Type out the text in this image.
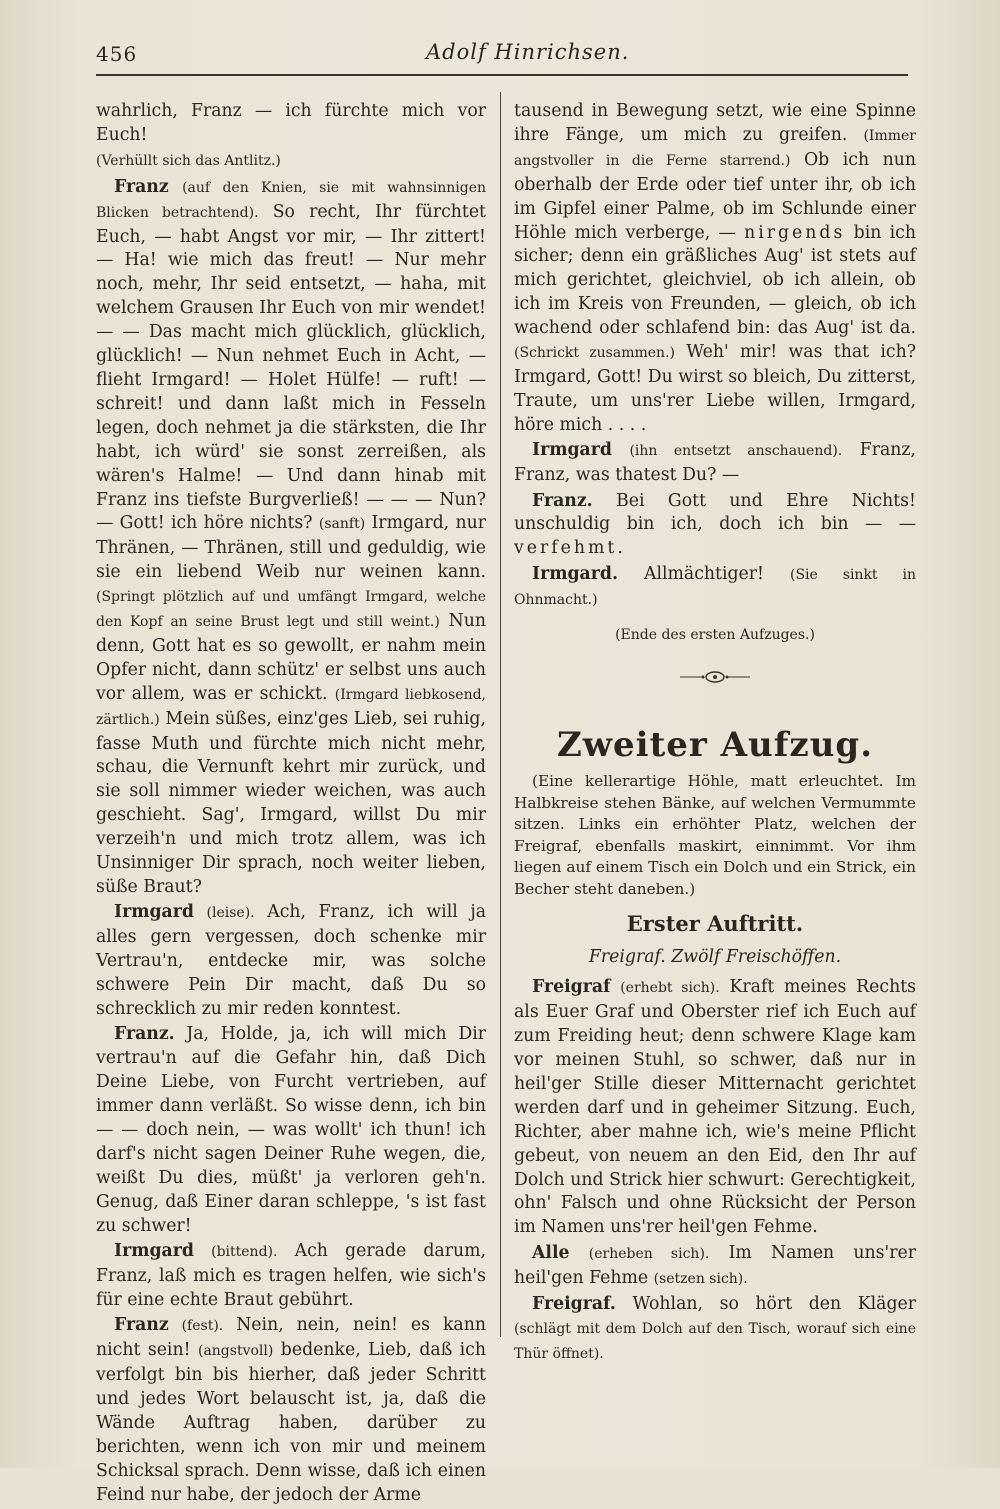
456	Adolf Hinrichsen.

wahrlich, Franz — ich fürchte mich vor Euch!

(Verhüllt sich das Antlitz.)

Franz (auf den Knien, sie mit wahnsinnigen Blicken betrachtend). So recht, Ihr fürchtet Euch, — habt Angst vor mir, — Ihr zittert! — Ha! wie mich das freut! — Nur mehr noch, mehr, Ihr seid entsetzt, — haha, mit welchem Grausen Ihr Euch von mir wendet! — — Das macht mich glücklich, glücklich, glücklich! — Nun nehmet Euch in Acht, — flieht Irmgard! — Holet Hülfe! — ruft! — schreit! und dann laßt mich in Fesseln legen, doch nehmet ja die stärksten, die Ihr habt, ich würd' sie sonst zerreißen, als wären's Halme! — Und dann hinab mit Franz ins tiefste Burgverließ! — — — Nun? — Gott! ich höre nichts? (sanft) Irmgard, nur Thränen, — Thränen, still und geduldig, wie sie ein liebend Weib nur weinen kann. (Springt plötzlich auf und umfängt Irmgard, welche den Kopf an seine Brust legt und still weint.) Nun denn, Gott hat es so gewollt, er nahm mein Opfer nicht, dann schütz' er selbst uns auch vor allem, was er schickt. (Irmgard liebkosend, zärtlich.) Mein süßes, einz'ges Lieb, sei ruhig, fasse Muth und fürchte mich nicht mehr, schau, die Vernunft kehrt mir zurück, und sie soll nimmer wieder weichen, was auch geschieht. Sag', Irmgard, willst Du mir verzeih'n und mich trotz allem, was ich Unsinniger Dir sprach, noch weiter lieben, süße Braut?

Irmgard (leise). Ach, Franz, ich will ja alles gern vergessen, doch schenke mir Vertrau'n, entdecke mir, was solche schwere Pein Dir macht, daß Du so schrecklich zu mir reden konntest.

Franz. Ja, Holde, ja, ich will mich Dir vertrau'n auf die Gefahr hin, daß Dich Deine Liebe, von Furcht vertrieben, auf immer dann verläßt. So wisse denn, ich bin — — doch nein, — was wollt' ich thun! ich darf's nicht sagen Deiner Ruhe wegen, die, weißt Du dies, müßt' ja verloren geh'n. Genug, daß Einer daran schleppe, 's ist fast zu schwer!

Irmgard (bittend). Ach gerade darum, Franz, laß mich es tragen helfen, wie sich's für eine echte Braut gebührt.

Franz (fest). Nein, nein, nein! es kann nicht sein! (angstvoll) bedenke, Lieb, daß ich verfolgt bin bis hierher, daß jeder Schritt und jedes Wort belauscht ist, ja, daß die Wände Auftrag haben, darüber zu berichten, wenn ich von mir und meinem Schicksal sprach. Denn wisse, daß ich einen Feind nur habe, der jedoch der Arme

tausend in Bewegung setzt, wie eine Spinne ihre Fänge, um mich zu greifen. (Immer angstvoller in die Ferne starrend.) Ob ich nun oberhalb der Erde oder tief unter ihr, ob ich im Gipfel einer Palme, ob im Schlunde einer Höhle mich verberge, — nirgends bin ich sicher; denn ein gräßliches Aug' ist stets auf mich gerichtet, gleichviel, ob ich allein, ob ich im Kreis von Freunden, — gleich, ob ich wachend oder schlafend bin: das Aug' ist da. (Schrickt zusammen.) Weh' mir! was that ich? Irmgard, Gott! Du wirst so bleich, Du zitterst, Traute, um uns'rer Liebe willen, Irmgard, höre mich . . . .

Irmgard (ihn entsetzt anschauend). Franz, Franz, was thatest Du? —

Franz. Bei Gott und Ehre Nichts! unschuldig bin ich, doch ich bin — — verfehmt.

Irmgard. Allmächtiger! (Sie sinkt in Ohnmacht.)

(Ende des ersten Aufzuges.)

Zweiter Aufzug.

(Eine kellerartige Höhle, matt erleuchtet. Im Halbkreise stehen Bänke, auf welchen Vermummte sitzen. Links ein erhöhter Platz, welchen der Freigraf, ebenfalls maskirt, einnimmt. Vor ihm liegen auf einem Tisch ein Dolch und ein Strick, ein Becher steht daneben.)

Erster Auftritt.
Freigraf. Zwölf Freischöffen.

Freigraf (erhebt sich). Kraft meines Rechts als Euer Graf und Oberster rief ich Euch auf zum Freiding heut; denn schwere Klage kam vor meinen Stuhl, so schwer, daß nur in heil'ger Stille dieser Mitternacht gerichtet werden darf und in geheimer Sitzung. Euch, Richter, aber mahne ich, wie's meine Pflicht gebeut, von neuem an den Eid, den Ihr auf Dolch und Strick hier schwurt: Gerechtigkeit, ohn' Falsch und ohne Rücksicht der Person im Namen uns'rer heil'gen Fehme.

Alle (erheben sich). Im Namen uns'rer heil'gen Fehme (setzen sich).

Freigraf. Wohlan, so hört den Kläger (schlägt mit dem Dolch auf den Tisch, worauf sich eine Thür öffnet).
